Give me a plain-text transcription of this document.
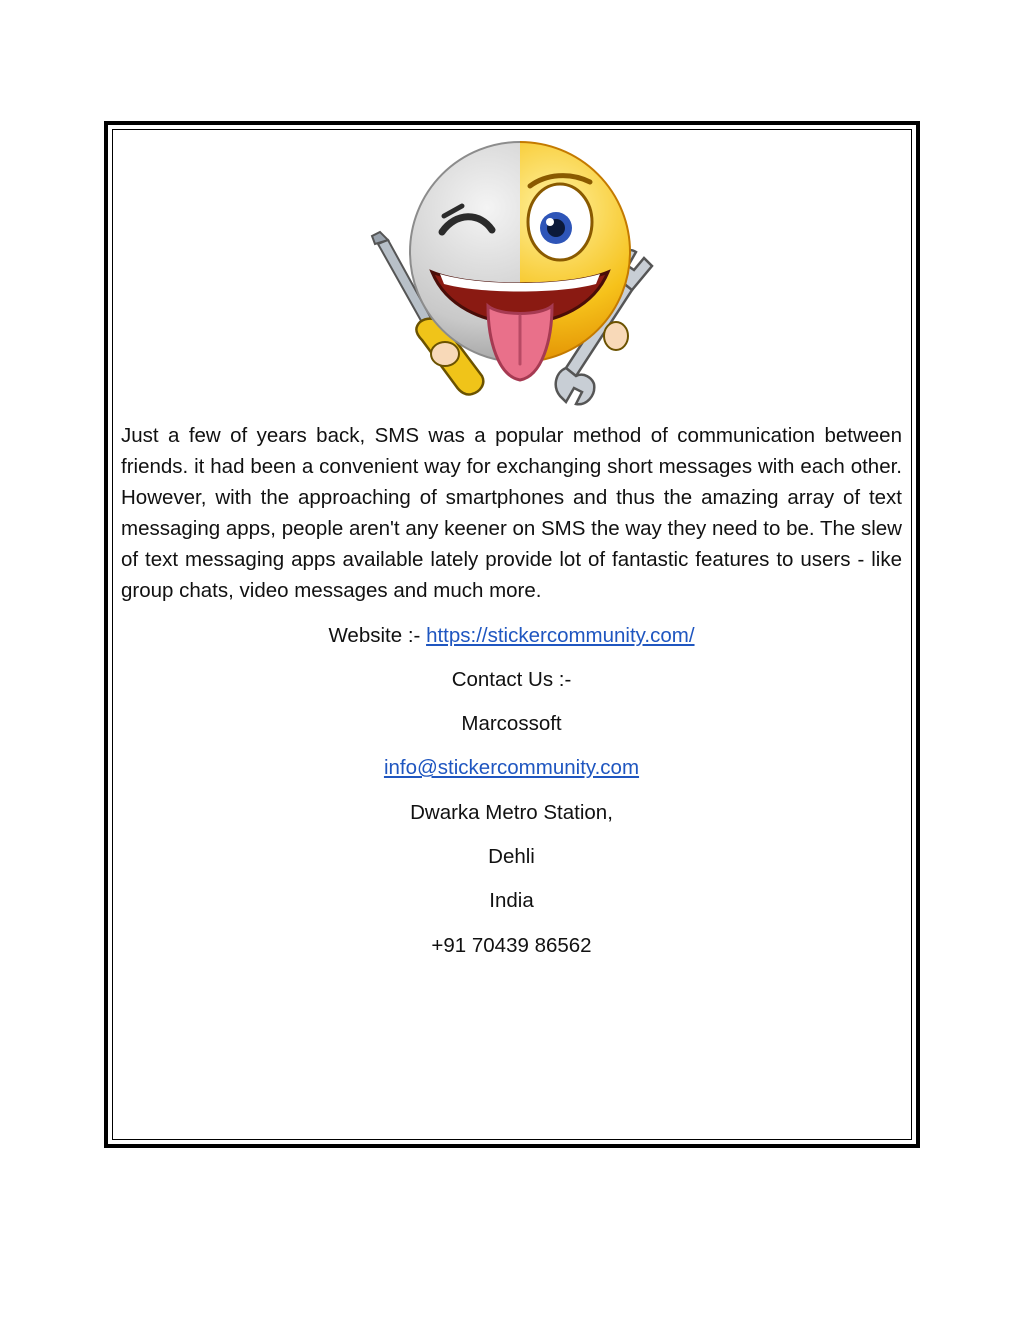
Just a few of years back, SMS was a popular method of communication between friends. it had been a convenient way for exchanging short messages with each other. However, with the approaching of smartphones and thus the amazing array of text messaging apps, people aren't any keener on SMS the way they need to be. The slew of text messaging apps available lately provide lot of fantastic features to users - like group chats, video messages and much more.

Website :- https://stickercommunity.com/

Contact Us :-

Marcossoft

info@stickercommunity.com

Dwarka Metro Station,

Dehli

India

+91 70439 86562
